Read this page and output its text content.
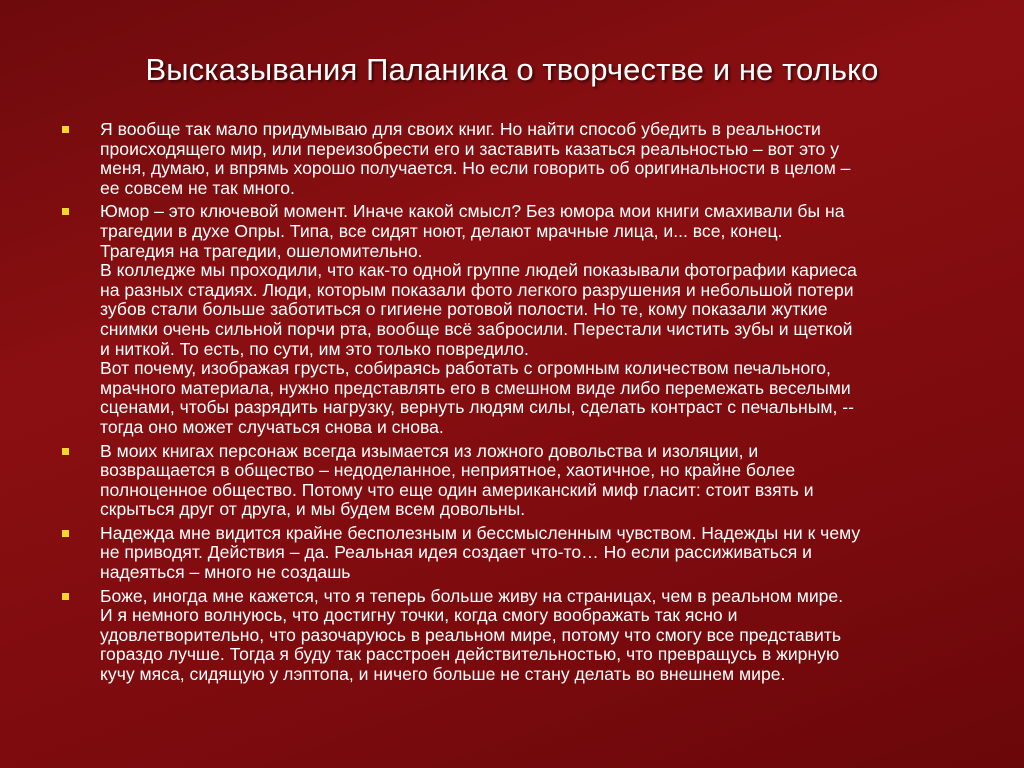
Высказывания Паланика о творчестве и не только
Я вообще так мало придумываю для своих книг. Но найти способ убедить в реальности
происходящего мир, или переизобрести его и заставить казаться реальностью – вот это у
меня, думаю, и впрямь хорошо получается. Но если говорить об оригинальности в целом –
ее совсем не так много.
Юмор – это ключевой момент. Иначе какой смысл? Без юмора мои книги смахивали бы на
трагедии в духе Опры. Типа, все сидят ноют, делают мрачные лица, и... все, конец.
Трагедия на трагедии, ошеломительно.
В колледже мы проходили, что как-то одной группе людей показывали фотографии кариеса
на разных стадиях. Люди, которым показали фото легкого разрушения и небольшой потери
зубов стали больше заботиться о гигиене ротовой полости. Но те, кому показали жуткие
снимки очень сильной порчи рта, вообще всё забросили. Перестали чистить зубы и щеткой
и ниткой. То есть, по сути, им это только повредило.
Вот почему, изображая грусть, собираясь работать с огромным количеством печального,
мрачного материала, нужно представлять его в смешном виде либо перемежать веселыми
сценами, чтобы разрядить нагрузку, вернуть людям силы, сделать контраст с печальным, --
тогда оно может случаться снова и снова.
В моих книгах персонаж всегда изымается из ложного довольства и изоляции, и
возвращается в общество – недоделанное, неприятное, хаотичное, но крайне более
полноценное общество. Потому что еще один американский миф гласит: стоит взять и
скрыться друг от друга, и мы будем всем довольны.
Надежда мне видится крайне бесполезным и бессмысленным чувством. Надежды ни к чему
не приводят. Действия – да. Реальная идея создает что-то… Но если рассиживаться и
надеяться – много не создашь
Боже, иногда мне кажется, что я теперь больше живу на страницах, чем в реальном мире.
И я немного волнуюсь, что достигну точки, когда смогу воображать так ясно и
удовлетворительно, что разочаруюсь в реальном мире, потому что смогу все представить
гораздо лучше. Тогда я буду так расстроен действительностью, что превращусь в жирную
кучу мяса, сидящую у лэптопа, и ничего больше не стану делать во внешнем мире.
